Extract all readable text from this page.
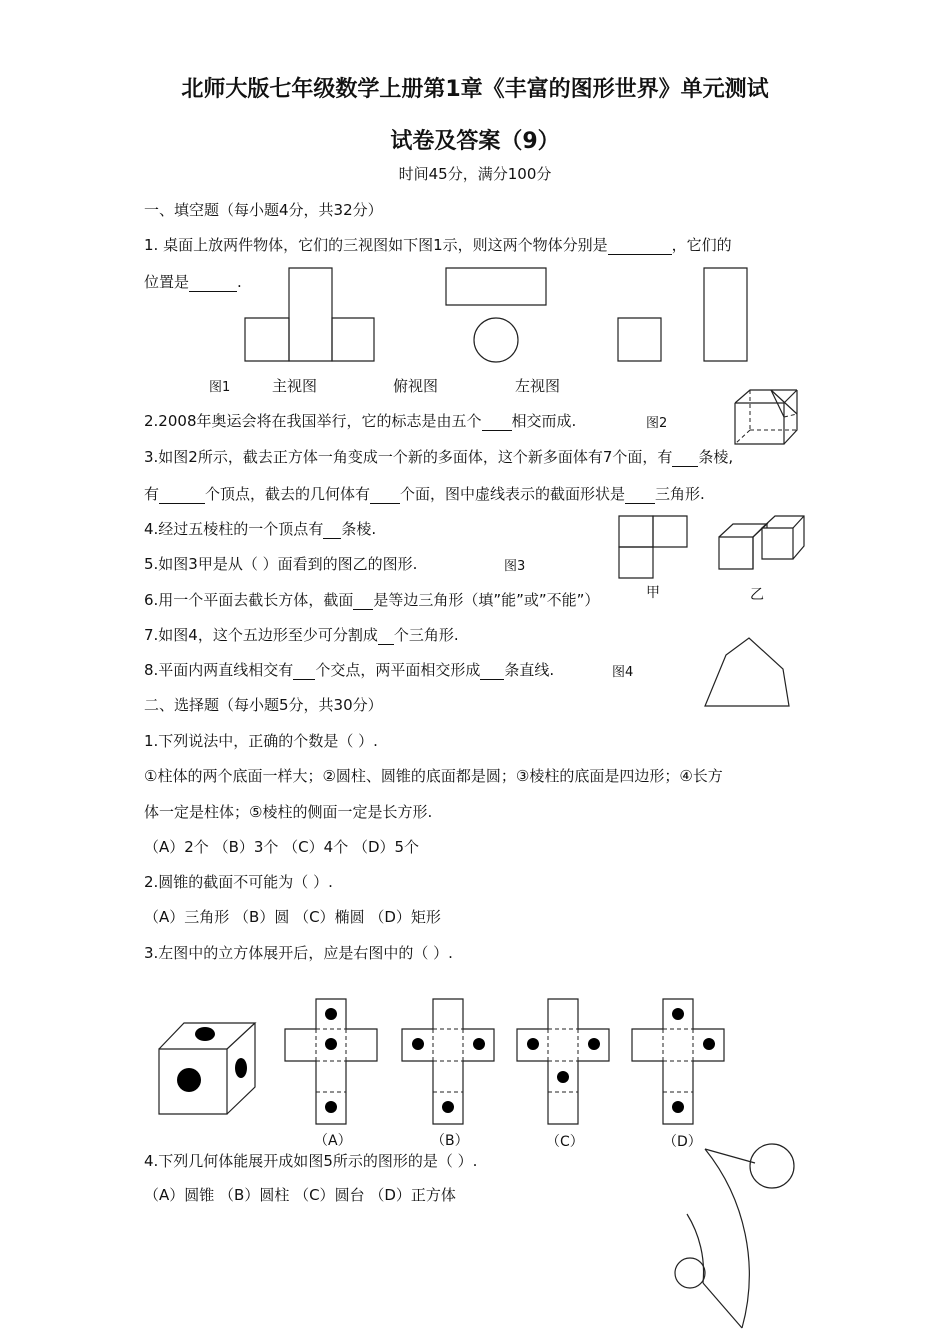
北师大版七年级数学上册第1章《丰富的图形世界》单元测试
试卷及答案（9）
时间45分，满分100分
一、填空题（每小题4分，共32分）
1. 桌面上放两件物体，它们的三视图如下图1示，则这两个物体分别是	，它们的
位置是	.
图1	主视图	俯视图	左视图
2.2008年奥运会将在我国举行，它的标志是由五个 相交而成.	图2
3.如图2所示，截去正方体一角变成一个新的多面体，这个新多面体有7个面，有 条棱,
有	个顶点，截去的几何体有 个面，图中虚线表示的截面形状是 三角形.
4.经过五棱柱的一个顶点有 条棱.
5.如图3甲是从（ ）面看到的图乙的图形.	图3
甲	乙
6.用一个平面去截长方体，截面 是等边三角形（填”能”或”不能”）
7.如图4，这个五边形至少可分割成 个三角形.
8.平面内两直线相交有 个交点，两平面相交形成 条直线.	图4
二、选择题（每小题5分，共30分）
1.下列说法中，正确的个数是（ ）.
①柱体的两个底面一样大；②圆柱、圆锥的底面都是圆；③棱柱的底面是四边形；④长方
体一定是柱体；⑤棱柱的侧面一定是长方形.
（A）2个 （B）3个 （C）4个 （D）5个
2.圆锥的截面不可能为（ ）.
（A）三角形 （B）圆 （C）椭圆 （D）矩形
3.左图中的立方体展开后，应是右图中的（ ）.
（A）	（B）	（C）	（D）
4.下列几何体能展开成如图5所示的图形的是（ ）.
（A）圆锥 （B）圆柱 （C）圆台 （D）正方体
